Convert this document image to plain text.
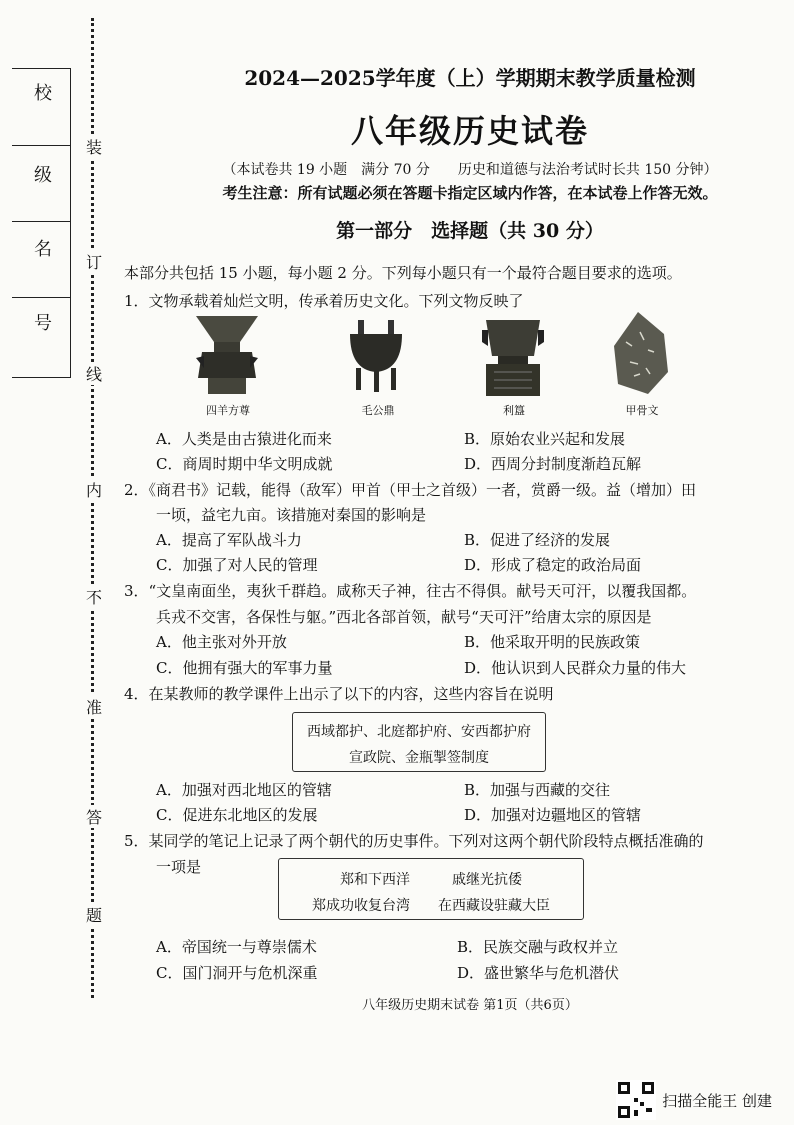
校
级
名
号
装
订
线
内
不
准
答
题
2024—2025学年度（上）学期期末教学质量检测
八年级历史试卷
（本试卷共 19 小题　满分 70 分　　历史和道德与法治考试时长共 150 分钟）
考生注意：所有试题必须在答题卡指定区域内作答，在本试卷上作答无效。
第一部分　选择题（共 30 分）
本部分共包括 15 小题，每小题 2 分。下列每小题只有一个最符合题目要求的选项。
1．文物承载着灿烂文明，传承着历史文化。下列文物反映了
四羊方尊	毛公鼎	利簋	甲骨文
A．人类是由古猿进化而来	B．原始农业兴起和发展
C．商周时期中华文明成就	D．西周分封制度渐趋瓦解
2．《商君书》记载，能得（敌军）甲首（甲士之首级）一者，赏爵一级。益（增加）田
一顷，益宅九亩。该措施对秦国的影响是
A．提高了军队战斗力	B．促进了经济的发展
C．加强了对人民的管理	D．形成了稳定的政治局面
3．“文皇南面坐，夷狄千群趋。咸称天子神，往古不得俱。献号天可汗，以覆我国都。
兵戎不交害，各保性与躯。”西北各部首领，献号“天可汗”给唐太宗的原因是
A．他主张对外开放	B．他采取开明的民族政策
C．他拥有强大的军事力量	D．他认识到人民群众力量的伟大
4．在某教师的教学课件上出示了以下的内容，这些内容旨在说明
西域都护、北庭都护府、安西都护府
宣政院、金瓶掣签制度
A．加强对西北地区的管辖	B．加强与西藏的交往
C．促进东北地区的发展	D．加强对边疆地区的管辖
5．某同学的笔记上记录了两个朝代的历史事件。下列对这两个朝代阶段特点概括准确的
一项是
郑和下西洋　　　戚继光抗倭
郑成功收复台湾　　在西藏设驻藏大臣
A．帝国统一与尊崇儒术	B．民族交融与政权并立
C．国门洞开与危机深重	D．盛世繁华与危机潜伏
八年级历史期末试卷 第1页（共6页）
扫描全能王 创建
